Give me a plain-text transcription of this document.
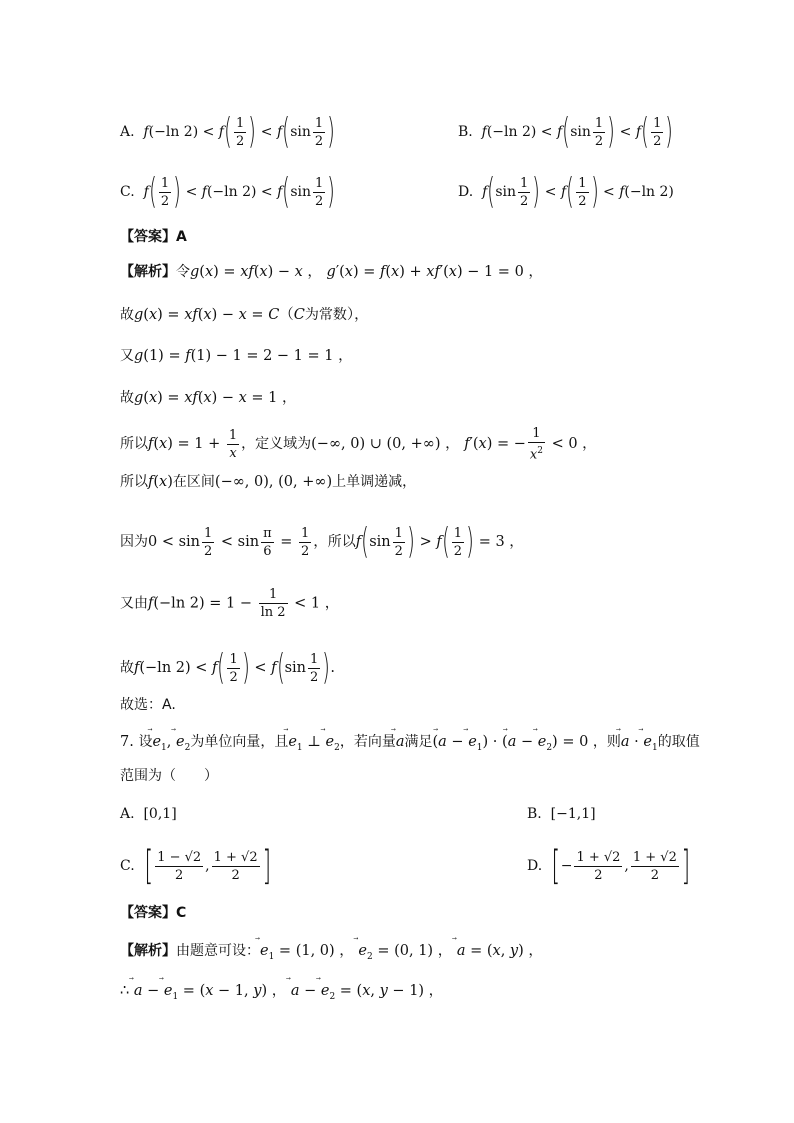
A. f(−ln $2) < f( \frac{1}{2}$ ) < $f(\sin \frac{1}{2}$ )	B. f(−ln $2) < f(\sin \frac{1}{2}$ ) < $f( \frac{1}{2}$ )
C. $f( \frac{1}{2}$ ) < f(−ln $2) < f(\sin \frac{1}{2}$ )	D. $f(\sin \frac{1}{2}$ ) < $f( \frac{1}{2}$ ) < f(−ln 2)
【答案】A
【解析】令g(x) = xf(x) − x ， g′(x) = f(x) + xf′(x) − 1 = 0 ，
故g(x) = xf(x) − x = C（C为常数），
又g(1) = f(1) − 1 = 2 − 1 = 1 ，
故g(x) = xf(x) − x = 1 ，
所以$f(x) = 1 + \frac{1}{x}$ ，定义域为(−∞, 0) ∪ (0, +∞) ， f′(x) = − $\frac{1}{x^2} < 0$ ，
所以f(x)在区间(−∞, 0), (0, +∞)上单调递减，
因为$0 < \sin \frac{1}{2} < \sin \frac{\pi}{6} = \frac{1}{2}$ ，所以$f(\sin \frac{1}{2}$ ) > $f( \frac{1}{2}$ ) = 3 ，
又由f(−ln $2) = 1 - \frac{1}{\ln 2} < 1$ ，
故f(−ln $2) < f( \frac{1}{2}$ ) < $f(\sin \frac{1}{2}$ ).
故选：A.
7. 设⃗ $e_1$, ⃗ $e_2$为单位向量，且⃗ $e_1$ ⊥ ⃗ $e_2$，若向量⃗ a满足(⃗ a − ⃗ $e_1$) · (⃗ a − ⃗ $e_2) = 0$ ，则⃗ a · ⃗ $e_1$的取值
范围为（　　）
A. [0,1]	B. [−1,1]
C. [ $\frac{1 - √2}{2}$ , $\frac{1 + √2}{2}$ ]	D. [− $\frac{1 + √2}{2}$ , $\frac{1 + √2}{2}$ ]
【答案】C
【解析】由题意可设：⃗ $e_1 = (1$, 0) ， ⃗ $e_2 = (0$, 1) ， ⃗ a = (x, y) ，
∴ ⃗ a − ⃗ $e_1 = (x - 1$, y) ， ⃗ a − ⃗ $e_2 = (x$, y − 1) ，
